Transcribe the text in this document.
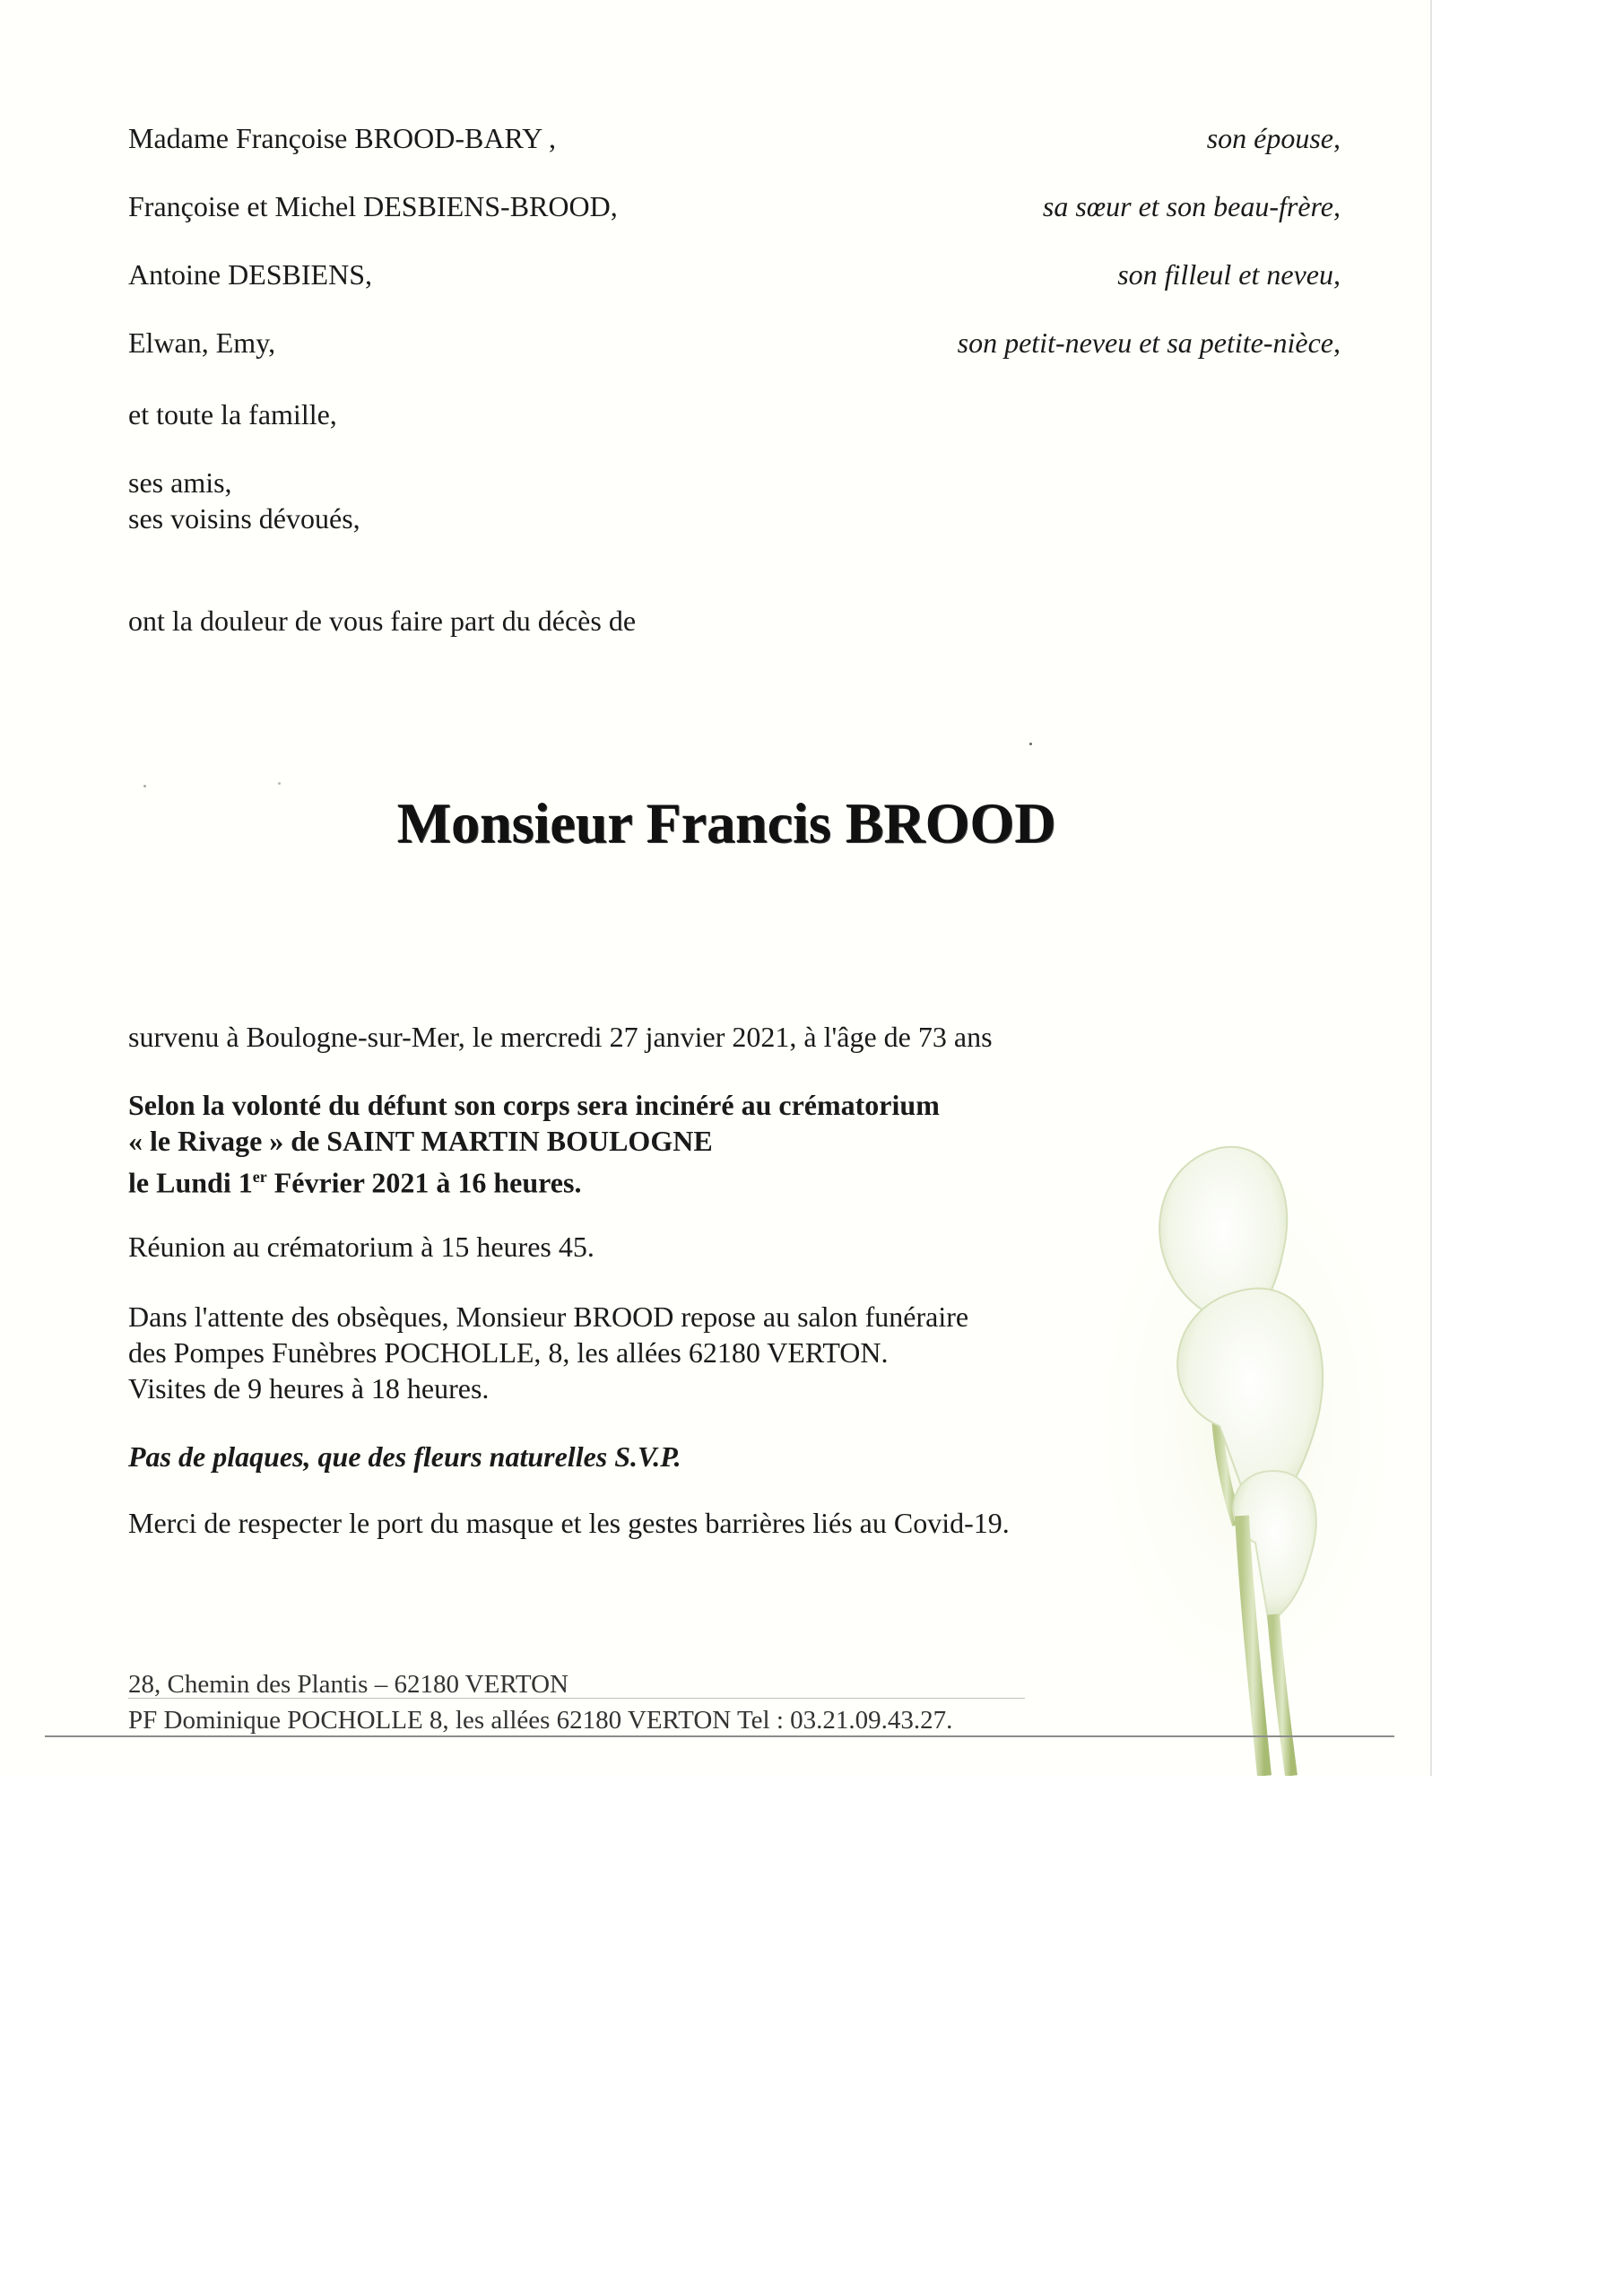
Madame Françoise BROOD-BARY ,	son épouse,
Françoise et Michel DESBIENS-BROOD,	sa sœur et son beau-frère,
Antoine DESBIENS,	son filleul et neveu,
Elwan, Emy,	son petit-neveu et sa petite-nièce,
et toute la famille,
ses amis,
ses voisins dévoués,
ont la douleur de vous faire part du décès de
Monsieur Francis BROOD
survenu à Boulogne-sur-Mer, le mercredi 27 janvier 2021, à l'âge de 73 ans
Selon la volonté du défunt son corps sera incinéré au crématorium
« le Rivage » de SAINT MARTIN BOULOGNE
le Lundi 1er Février 2021 à 16 heures.
Réunion au crématorium à 15 heures 45.
Dans l'attente des obsèques, Monsieur BROOD repose au salon funéraire
des Pompes Funèbres POCHOLLE, 8, les allées 62180 VERTON.
Visites de 9 heures à 18 heures.
Pas de plaques, que des fleurs naturelles S.V.P.
Merci de respecter le port du masque et les gestes barrières liés au Covid-19.
28, Chemin des Plantis – 62180 VERTON
PF Dominique POCHOLLE 8, les allées 62180 VERTON Tel : 03.21.09.43.27.
